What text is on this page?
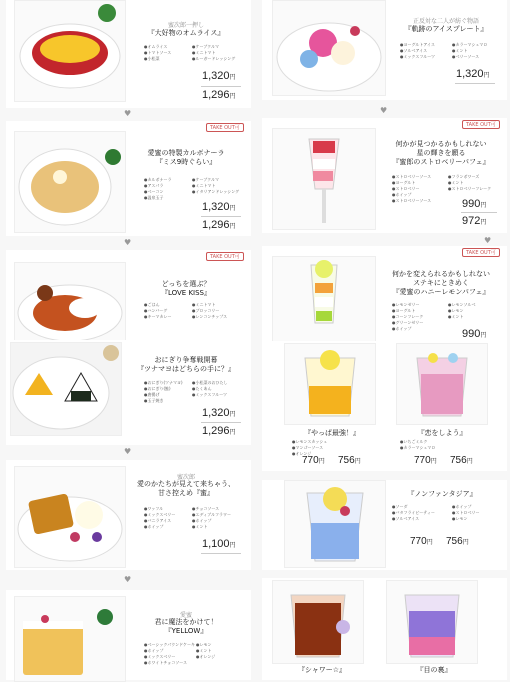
蜜次郎一押し
『大好物のオムライス』
●オムライス
●トマトソース
●小松菜
●ケーブクルマ
●ミニトマト
●ルーガードレッシング
1,320円
1,296円
♥
TAKE OUT可
愛蜜の特製カルボナーラ
『ミス9時ぐらい』
●カルボナーラ
●アスパラ
●ベーコン
●温泉玉子
●ケーブクルマ
●ミニトマト
●イタリアンドレッシング
1,320円
1,296円
♥
TAKE OUT可
どっちを選ぶ？
『LOVE KISS』
●ごはん
●ハンバーグ
●キーマカレー
●ミニトマト
●ブロッコリー
●レンコンチップス
おにぎり争奪戦開幕
『ツナマヨはどちらの手に？』
●おにぎり(ツナマヨ)
●おにぎり(鮭)
●唐揚げ
●玉子焼き
●小松菜のおひたし
●たくあん
●ミックスフルーツ
1,320円
1,296円
♥
蜜次郎
愛のかたちが見えて来ちゃう、
甘さ控えめ『蜜』
●ワッフル
●ミックスベリー
●バニラアイス
●ホイップ
●チョコソース
●エディブルフラワー
●ホイップ
●ミント
1,100円
♥
愛蜜
君に魔法をかけて！
『YELLOW』
●ベーシックパウンドケーキ
●ホイップ
●ミックスベリー
●ホワイトチョコソース
●レモン
●ミント
●オレンジ
正反対な二人が紡ぐ物語
『軌跡のアイスプレート』
●ヨーグルトアイス
●ソルベアイス
●ミックスフルーツ
●カラーマシュマロ
●ミント
●ベリーソース
1,320円
♥
TAKE OUT可
何かが見つかるかもしれない
星の輝きを願る
『蜜郎のストロベリーパフェ』
●ストロベリーソース
●ヨーグルト
●ストロベリー
●ホイップ
●ストロベリーソース
●フランボワーズ
●ミント
●ストロベリーフレーク
990円
972円
♥
TAKE OUT可
何かを変えられるかもしれない
ステキにときめく
『愛蜜のハニーレモンパフェ』
●レモンゼリー
●ヨーグルト
●コーンフレーク
●グリーンゼリー
●ホイップ
●レモンソルベ
●レモン
●ミント
990円
『やっぱ最強！』	『恋をしよう』
●レモンスカッシュ
●マンゴーソース
●オレンジ
●いちごミルク
●カラーマシュマロ
770円 756円	770円 756円
『ノンファンタジア』
●ソーダ
●バタフライピーティー
●ソルベアイス
●ホイップ
●ストロベリー
●レモン
770円 756円
『シャワー☆』	『目の裏』
